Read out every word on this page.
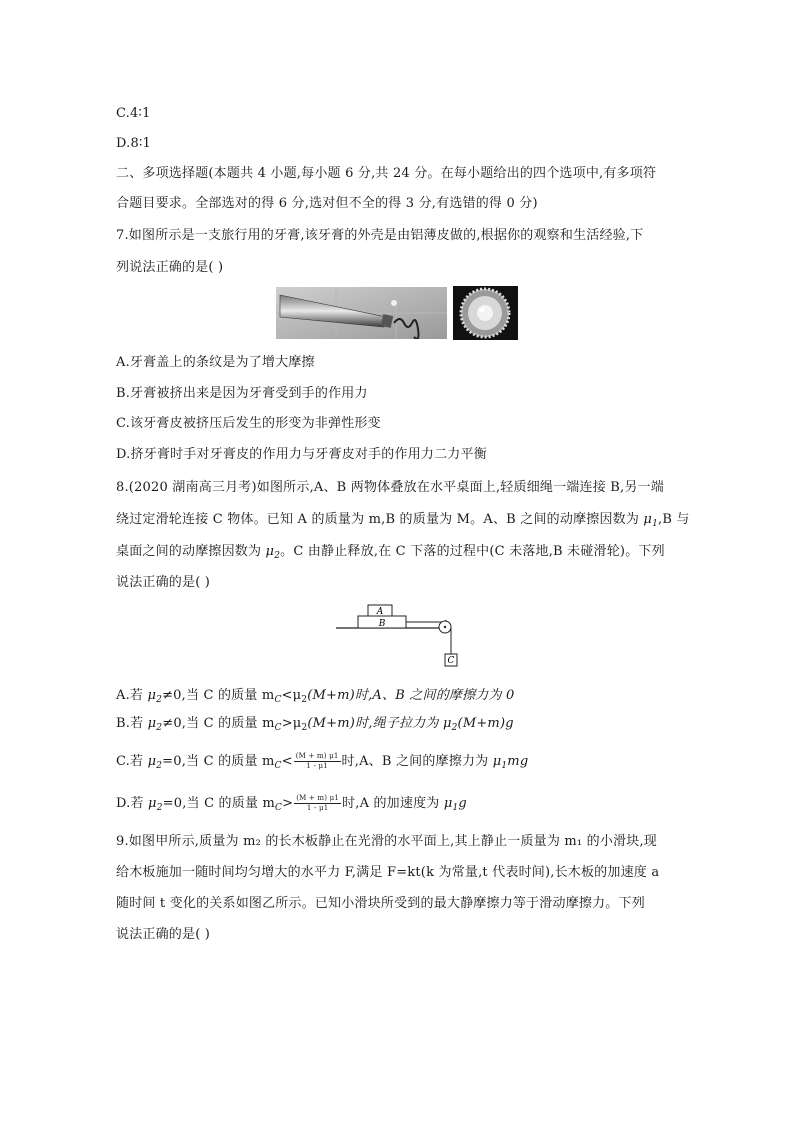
C.4∶1
D.8∶1
二、多项选择题(本题共 4 小题,每小题 6 分,共 24 分。在每小题给出的四个选项中,有多项符
合题目要求。全部选对的得 6 分,选对但不全的得 3 分,有选错的得 0 分)
7.如图所示是一支旅行用的牙膏,该牙膏的外壳是由铝薄皮做的,根据你的观察和生活经验,下
列说法正确的是( )
A.牙膏盖上的条纹是为了增大摩擦
B.牙膏被挤出来是因为牙膏受到手的作用力
C.该牙膏皮被挤压后发生的形变为非弹性形变
D.挤牙膏时手对牙膏皮的作用力与牙膏皮对手的作用力二力平衡
8.(2020 湖南高三月考)如图所示,A、B 两物体叠放在水平桌面上,轻质细绳一端连接 B,另一端
绕过定滑轮连接 C 物体。已知 A 的质量为 m,B 的质量为 M。A、B 之间的动摩擦因数为 $\mu_1,B$ 与
桌面之间的动摩擦因数为 $\mu_2$。C 由静止释放,在 C 下落的过程中(C 未落地,B 未碰滑轮)。下列
说法正确的是( )
A
B
C
A.若 $\mu_2\ne 0$,当 C 的质量 $m_C<\mu_2(M+m)$时,A、B 之间的摩擦力为 0
B.若 $\mu_2\ne 0$,当 C 的质量 $m_C>\mu_2(M+m)$时,绳子拉力为 $\mu_2(M+m)g$
C.若 $\mu_2=0$,当 C 的质量 $m_C< \frac{(M + m) \mu 1}{1 - \mu 1}$ 时,A、B 之间的摩擦力为 $\mu_1mg$
D.若 $\mu_2=0$,当 C 的质量 $m_C> \frac{(M + m) \mu 1}{1 - \mu 1}$ 时,A 的加速度为 $\mu_1g$
9.如图甲所示,质量为 m₂ 的长木板静止在光滑的水平面上,其上静止一质量为 m₁ 的小滑块,现
给木板施加一随时间均匀增大的水平力 F,满足 F=kt(k 为常量,t 代表时间),长木板的加速度 a
随时间 t 变化的关系如图乙所示。已知小滑块所受到的最大静摩擦力等于滑动摩擦力。下列
说法正确的是( )
